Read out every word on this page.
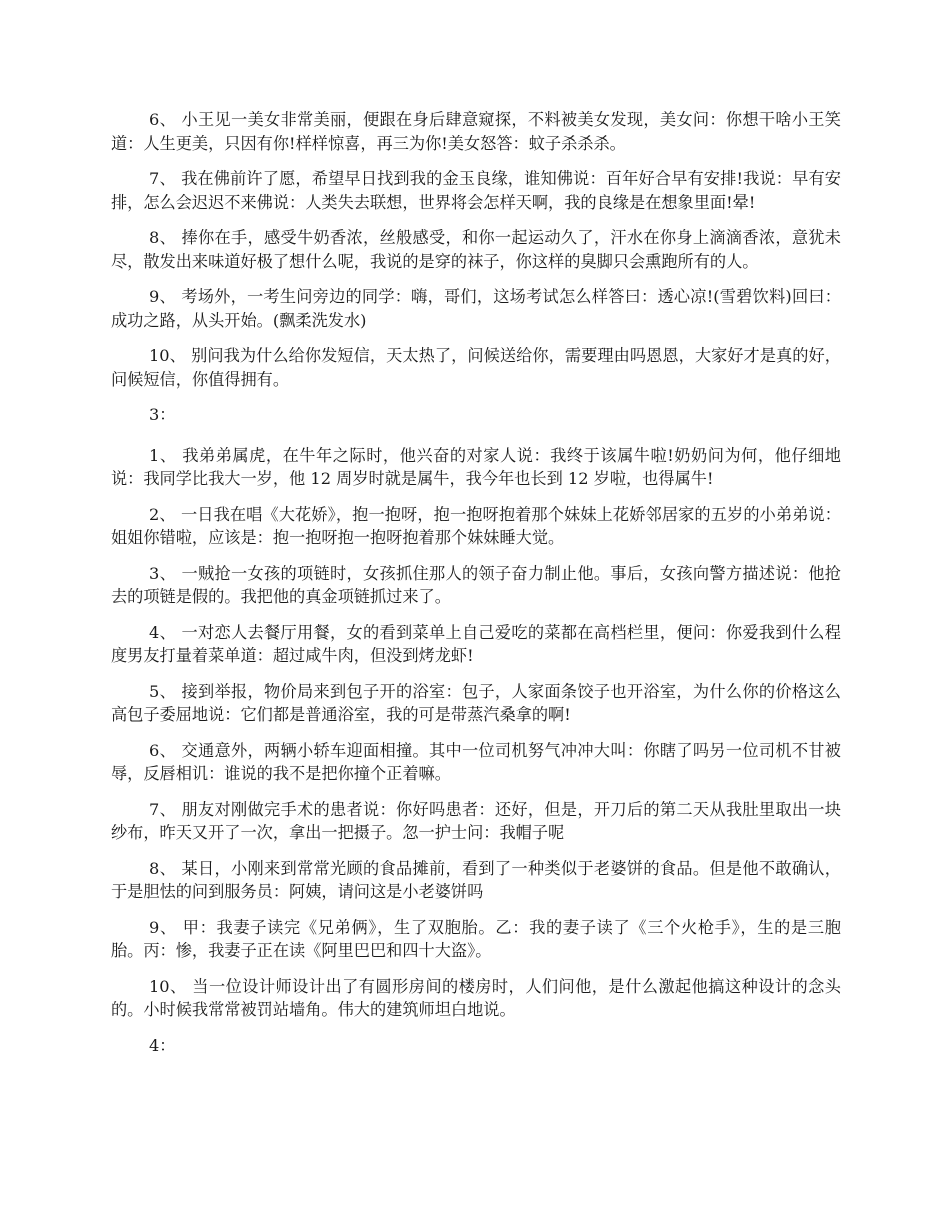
6、 小王见一美女非常美丽，便跟在身后肆意窥探，不料被美女发现，美女问：你想干啥小王笑道：人生更美，只因有你!样样惊喜，再三为你!美女怒答：蚊子杀杀杀。

7、 我在佛前许了愿，希望早日找到我的金玉良缘，谁知佛说：百年好合早有安排!我说：早有安排，怎么会迟迟不来佛说：人类失去联想，世界将会怎样天啊，我的良缘是在想象里面!晕!

8、 捧你在手，感受牛奶香浓，丝般感受，和你一起运动久了，汗水在你身上滴滴香浓，意犹未尽，散发出来味道好极了想什么呢，我说的是穿的袜子，你这样的臭脚只会熏跑所有的人。

9、 考场外，一考生问旁边的同学：嗨，哥们，这场考试怎么样答曰：透心凉!(雪碧饮料)回曰：成功之路，从头开始。(飘柔洗发水)

10、 别问我为什么给你发短信，天太热了，问候送给你，需要理由吗恩恩，大家好才是真的好，问候短信，你值得拥有。

3：

1、 我弟弟属虎，在牛年之际时，他兴奋的对家人说：我终于该属牛啦!奶奶问为何，他仔细地说：我同学比我大一岁，他 12 周岁时就是属牛，我今年也长到 12 岁啦，也得属牛!

2、 一日我在唱《大花娇》，抱一抱呀，抱一抱呀抱着那个妹妹上花娇邻居家的五岁的小弟弟说：姐姐你错啦，应该是：抱一抱呀抱一抱呀抱着那个妹妹睡大觉。

3、 一贼抢一女孩的项链时，女孩抓住那人的领子奋力制止他。事后，女孩向警方描述说：他抢去的项链是假的。我把他的真金项链抓过来了。

4、 一对恋人去餐厅用餐，女的看到菜单上自己爱吃的菜都在高档栏里，便问：你爱我到什么程度男友打量着菜单道：超过咸牛肉，但没到烤龙虾!

5、 接到举报，物价局来到包子开的浴室：包子，人家面条饺子也开浴室，为什么你的价格这么高包子委屈地说：它们都是普通浴室，我的可是带蒸汽桑拿的啊!

6、 交通意外，两辆小轿车迎面相撞。其中一位司机努气冲冲大叫：你瞎了吗另一位司机不甘被辱，反唇相讥：谁说的我不是把你撞个正着嘛。

7、 朋友对刚做完手术的患者说：你好吗患者：还好，但是，开刀后的第二天从我肚里取出一块纱布，昨天又开了一次，拿出一把摄子。忽一护士问：我帽子呢

8、 某日，小刚来到常常光顾的食品摊前，看到了一种类似于老婆饼的食品。但是他不敢确认，于是胆怯的问到服务员：阿姨，请问这是小老婆饼吗

9、 甲：我妻子读完《兄弟俩》，生了双胞胎。乙：我的妻子读了《三个火枪手》，生的是三胞胎。丙：惨，我妻子正在读《阿里巴巴和四十大盗》。

10、 当一位设计师设计出了有圆形房间的楼房时，人们问他，是什么激起他搞这种设计的念头的。小时候我常常被罚站墙角。伟大的建筑师坦白地说。

4：
